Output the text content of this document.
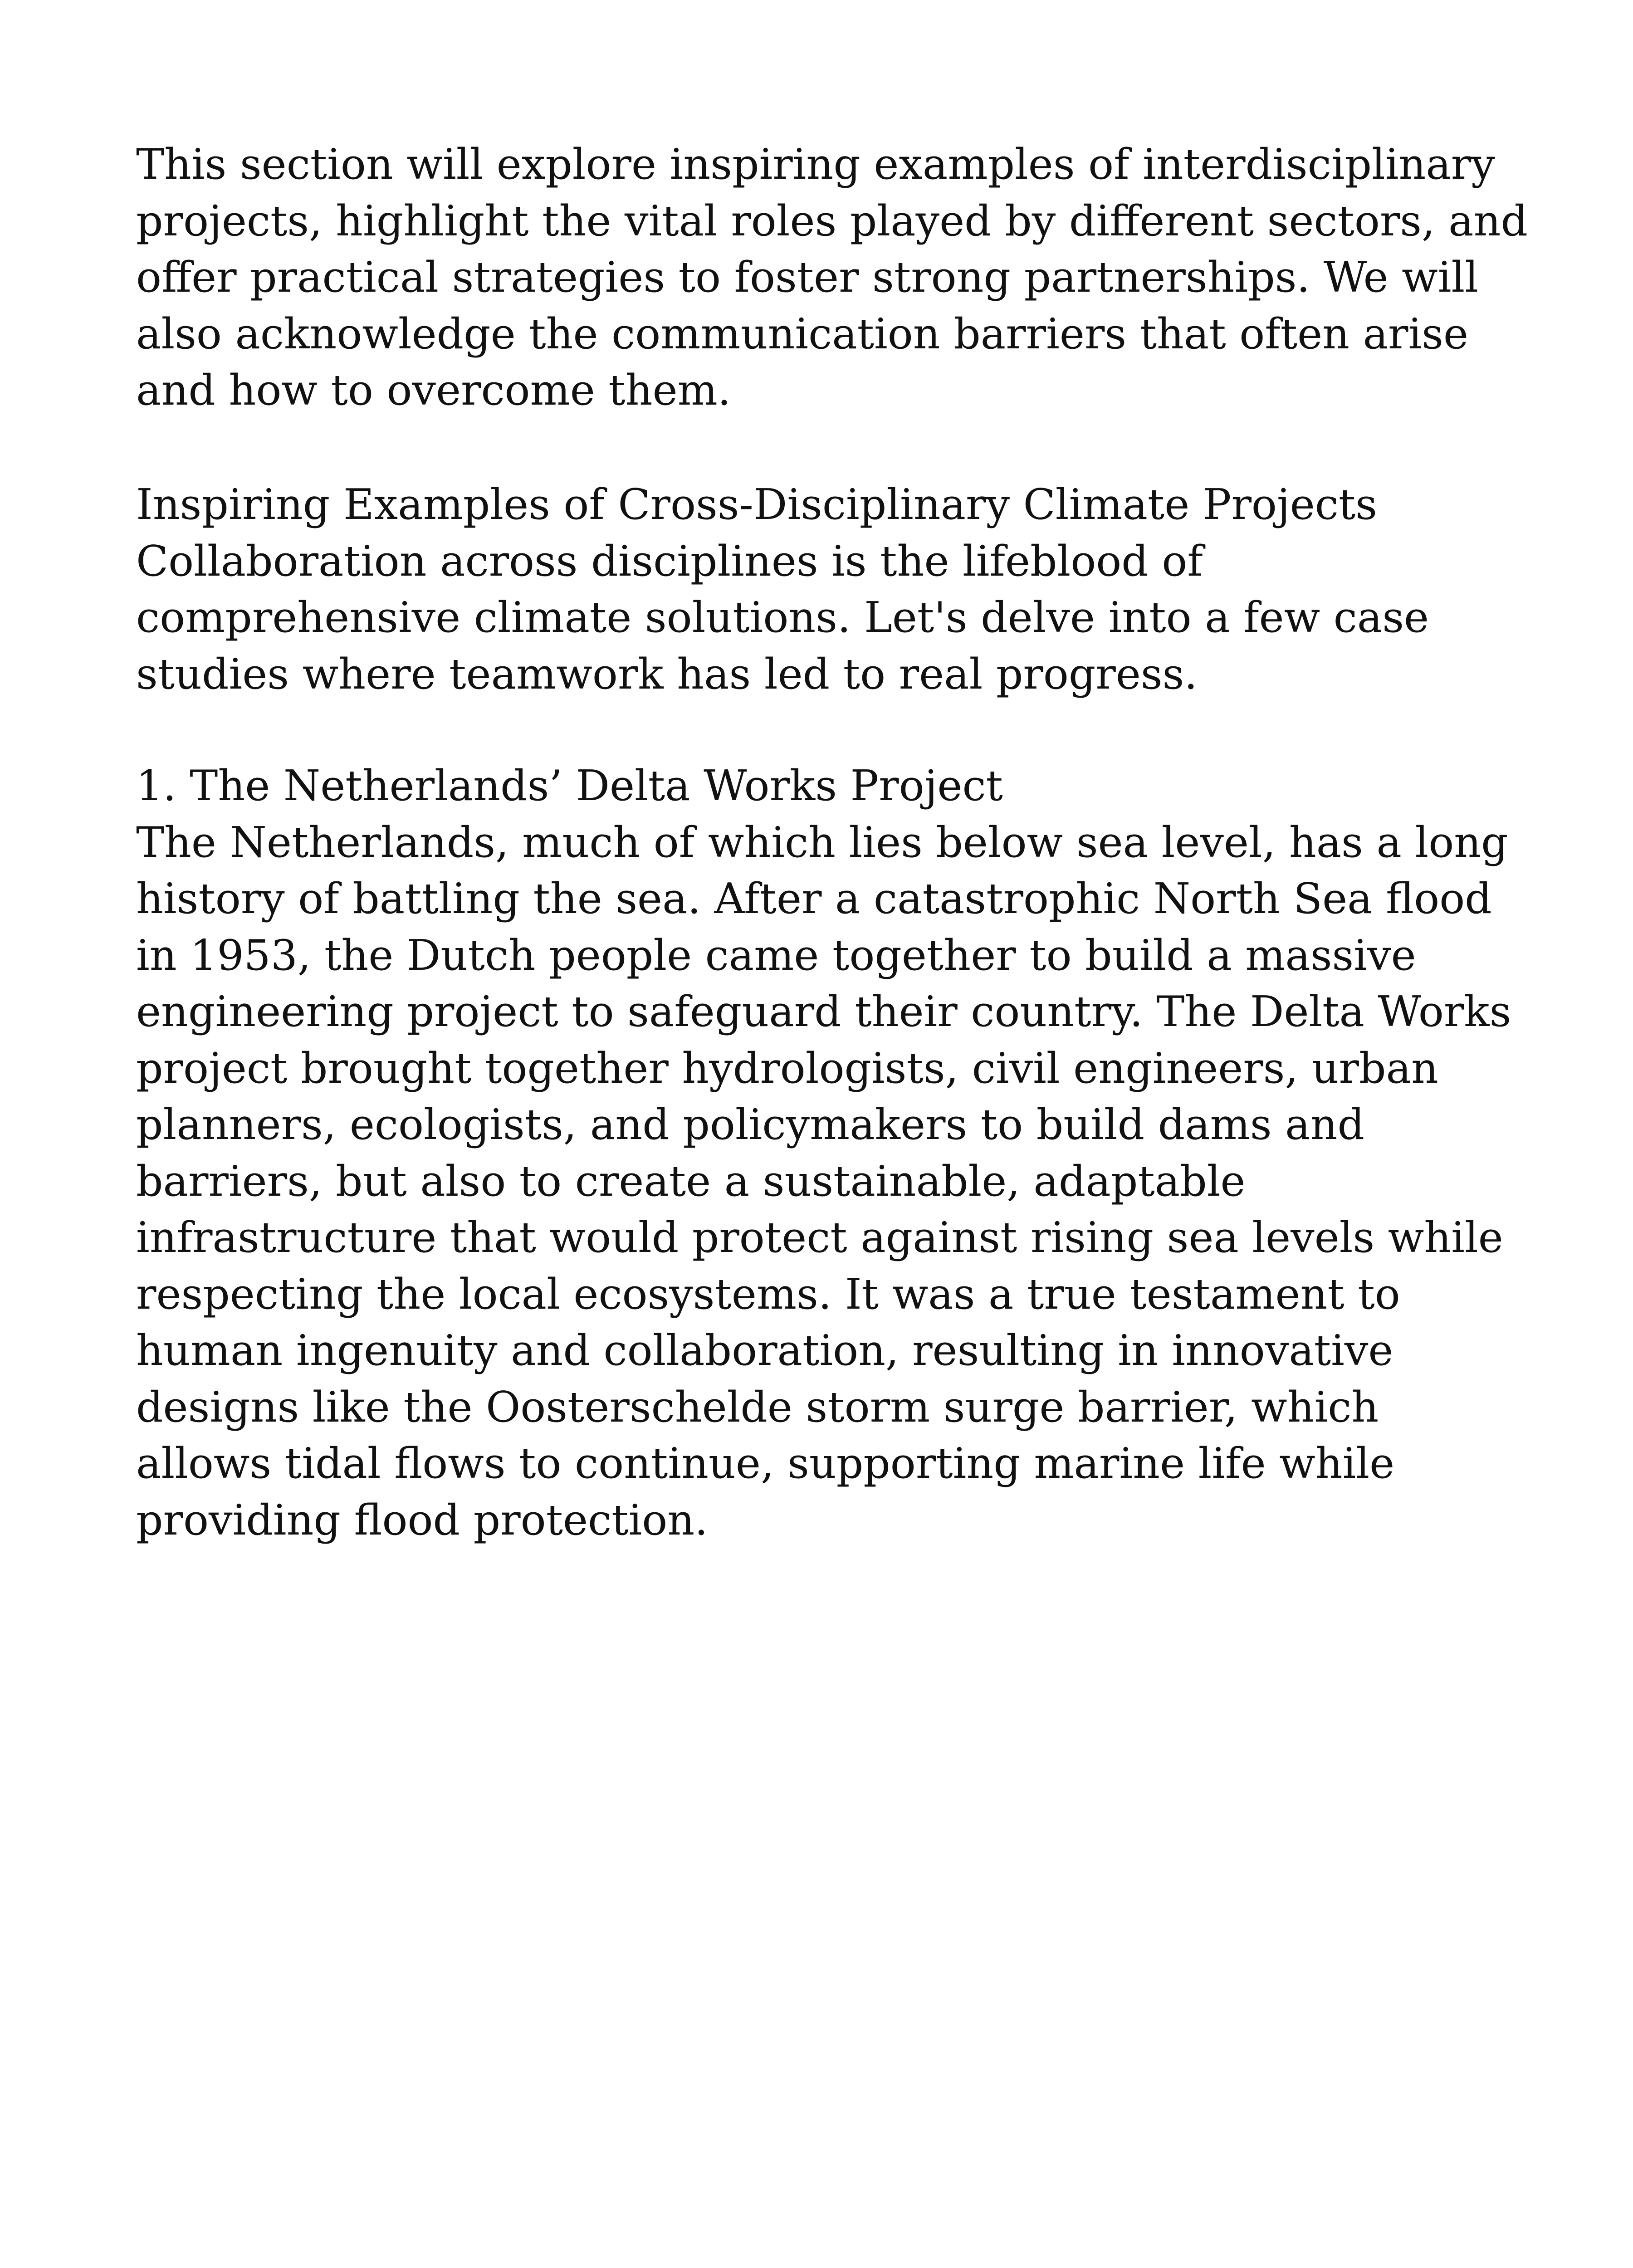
This section will explore inspiring examples of interdisciplinary
projects, highlight the vital roles played by different sectors, and
offer practical strategies to foster strong partnerships. We will
also acknowledge the communication barriers that often arise
and how to overcome them.
Inspiring Examples of Cross-Disciplinary Climate Projects
Collaboration across disciplines is the lifeblood of
comprehensive climate solutions. Let's delve into a few case
studies where teamwork has led to real progress.
1. The Netherlands’ Delta Works Project
The Netherlands, much of which lies below sea level, has a long
history of battling the sea. After a catastrophic North Sea flood
in 1953, the Dutch people came together to build a massive
engineering project to safeguard their country. The Delta Works
project brought together hydrologists, civil engineers, urban
planners, ecologists, and policymakers to build dams and
barriers, but also to create a sustainable, adaptable
infrastructure that would protect against rising sea levels while
respecting the local ecosystems. It was a true testament to
human ingenuity and collaboration, resulting in innovative
designs like the Oosterschelde storm surge barrier, which
allows tidal flows to continue, supporting marine life while
providing flood protection.
